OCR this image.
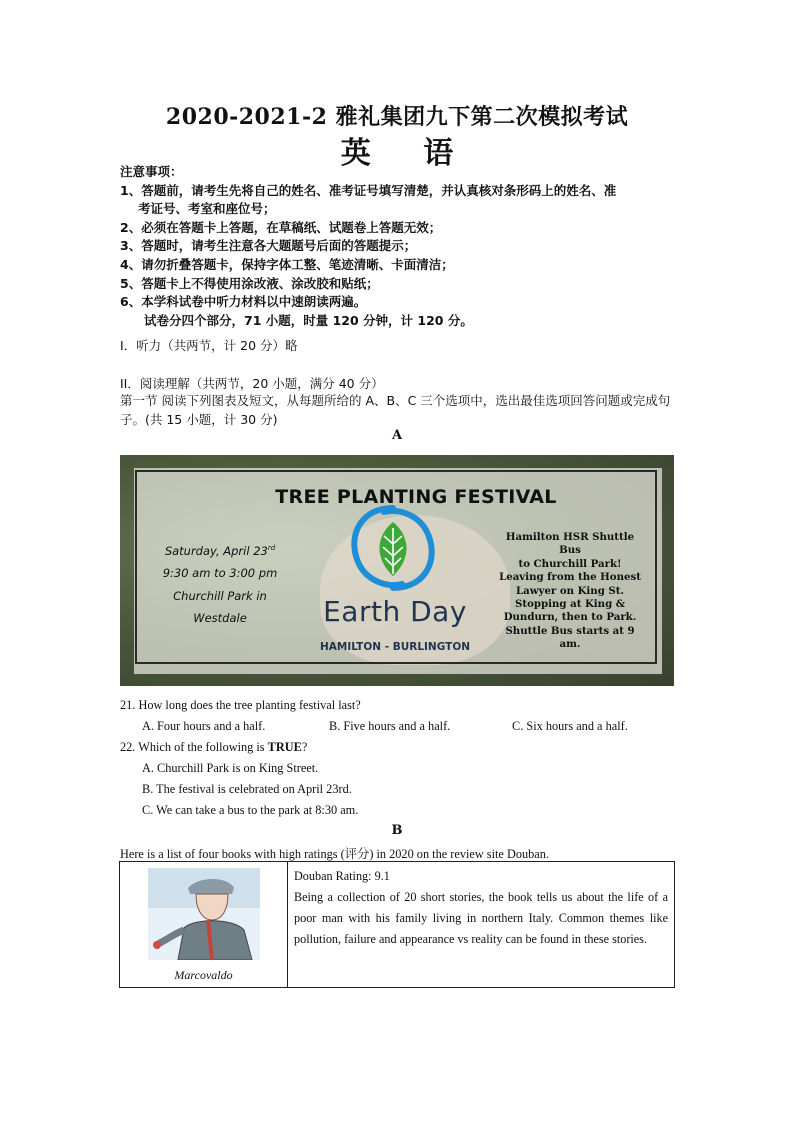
2020-2021-2 雅礼集团九下第二次模拟考试
英 语
注意事项：
1、答题前，请考生先将自己的姓名、准考证号填写清楚，并认真核对条形码上的姓名、准
考证号、考室和座位号；
2、必须在答题卡上答题，在草稿纸、试题卷上答题无效；
3、答题时，请考生注意各大题题号后面的答题提示；
4、请勿折叠答题卡，保持字体工整、笔迹清晰、卡面清洁；
5、答题卡上不得使用涂改液、涂改胶和贴纸；
6、本学科试卷中听力材料以中速朗读两遍。
试卷分四个部分，71 小题，时量 120 分钟，计 120 分。
I．听力（共两节，计 20 分）略
II．阅读理解（共两节，20 小题，满分 40 分）
第一节 阅读下列图表及短文，从每题所给的 A、B、C 三个选项中，选出最佳选项回答问题或完成句子。(共 15 小题，计 30 分)
A
TREE PLANTING FESTIVAL
Saturday, April 23rd
9:30 am to 3:00 pm
Churchill Park in
Westdale	Earth Day
HAMILTON - BURLINGTON
Hamilton HSR Shuttle Bus
to Churchill Park!
Leaving from the Honest
Lawyer on King St.
Stopping at King &
Dundurn, then to Park.
Shuttle Bus starts at 9 am.
21. How long does the tree planting festival last?
A. Four hours and a half.	B. Five hours and a half.	C. Six hours and a half.
22. Which of the following is TRUE?
A. Churchill Park is on King Street.
B. The festival is celebrated on April 23rd.
C. We can take a bus to the park at 8:30 am.
B
Here is a list of four books with high ratings (评分) in 2020 on the review site Douban.
Marcovaldo

Douban Rating: 9.1
Being a collection of 20 short stories, the book tells us about the life of a poor man with his family living in northern Italy. Common themes like pollution, failure and appearance vs reality can be found in these stories.
